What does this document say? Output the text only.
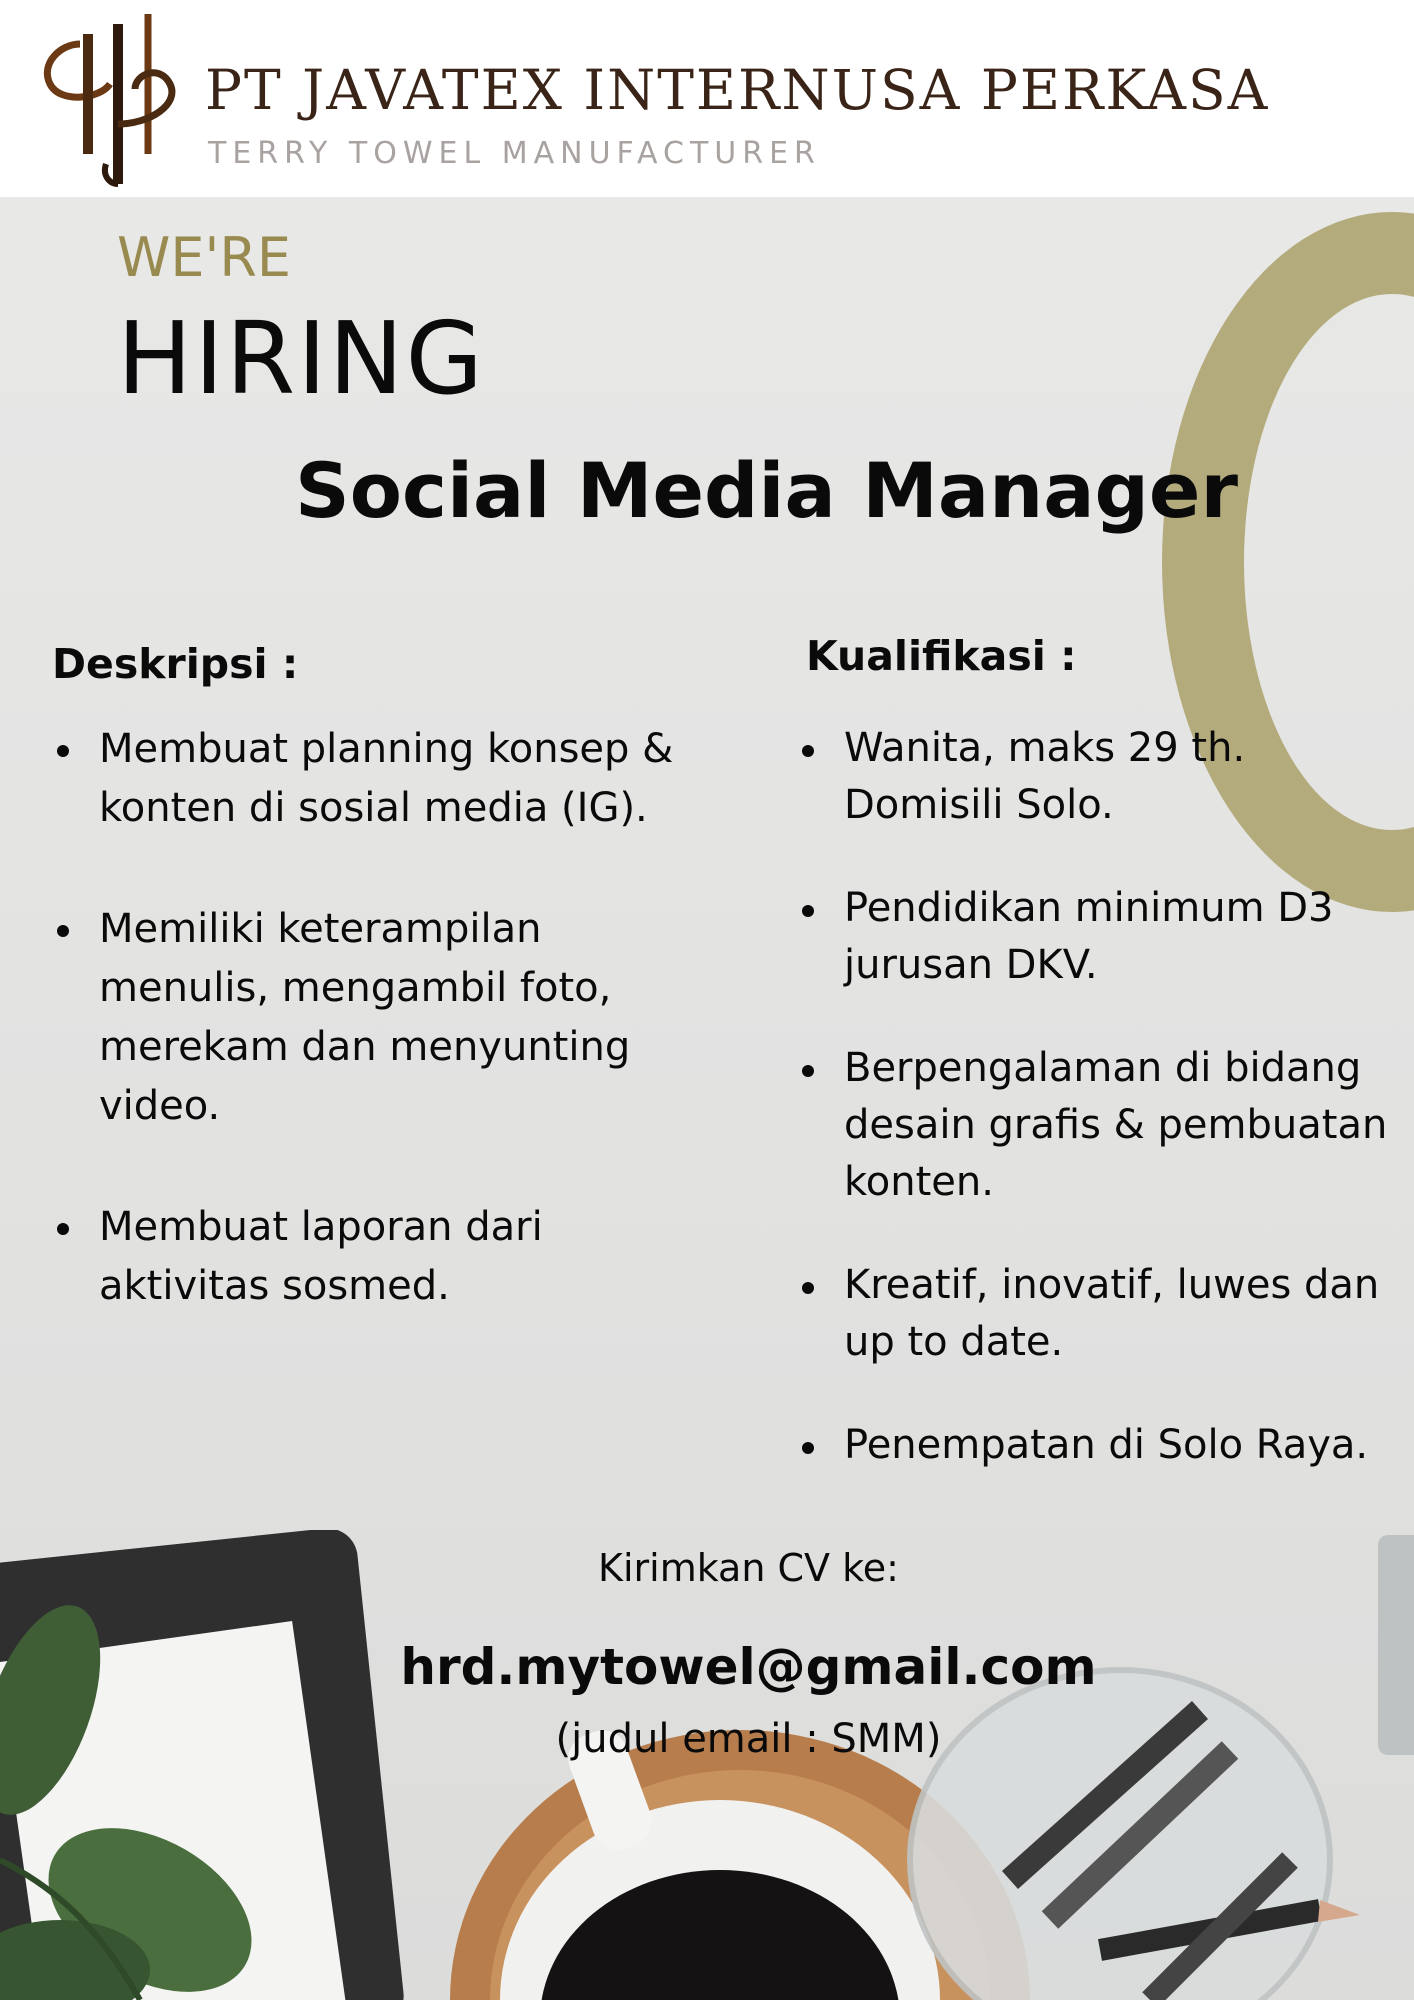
PT JAVATEX INTERNUSA PERKASA
TERRY TOWEL MANUFACTURER
WE'RE
HIRING
Social Media Manager
Deskripsi :
Membuat planning konsep & konten di sosial media (IG).
Memiliki keterampilan menulis, mengambil foto, merekam dan menyunting video.
Membuat laporan dari aktivitas sosmed.
Kualifikasi :
Wanita, maks 29 th. Domisili Solo.
Pendidikan minimum D3 jurusan DKV.
Berpengalaman di bidang desain grafis & pembuatan konten.
Kreatif, inovatif, luwes dan up to date.
Penempatan di Solo Raya.
Kirimkan CV ke:
hrd.mytowel@gmail.com
(judul email : SMM)
